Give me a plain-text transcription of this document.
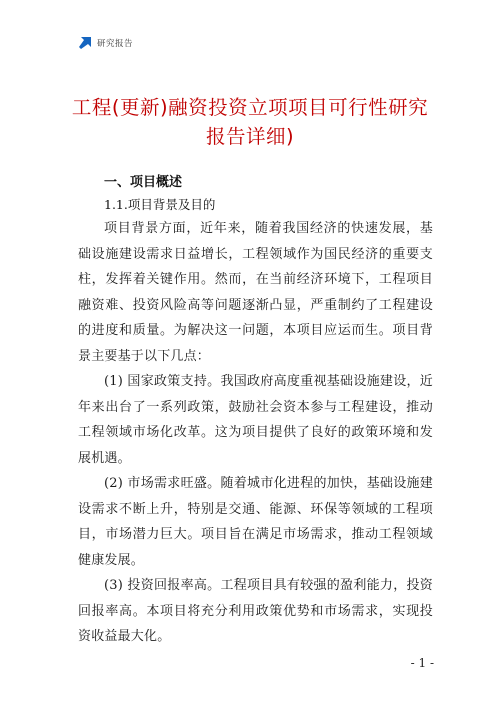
研究报告
工程(更新)融资投资立项项目可行性研究
报告详细)
一、项目概述
1.1.项目背景及目的

项目背景方面，近年来，随着我国经济的快速发展，基础设施建设需求日益增长，工程领域作为国民经济的重要支柱，发挥着关键作用。然而，在当前经济环境下，工程项目融资难、投资风险高等问题逐渐凸显，严重制约了工程建设的进度和质量。为解决这一问题，本项目应运而生。项目背景主要基于以下几点：

(1) 国家政策支持。我国政府高度重视基础设施建设，近年来出台了一系列政策，鼓励社会资本参与工程建设，推动工程领域市场化改革。这为项目提供了良好的政策环境和发展机遇。

(2) 市场需求旺盛。随着城市化进程的加快，基础设施建设需求不断上升，特别是交通、能源、环保等领域的工程项目，市场潜力巨大。项目旨在满足市场需求，推动工程领域健康发展。

(3) 投资回报率高。工程项目具有较强的盈利能力，投资回报率高。本项目将充分利用政策优势和市场需求，实现投资收益最大化。

- 1 -
